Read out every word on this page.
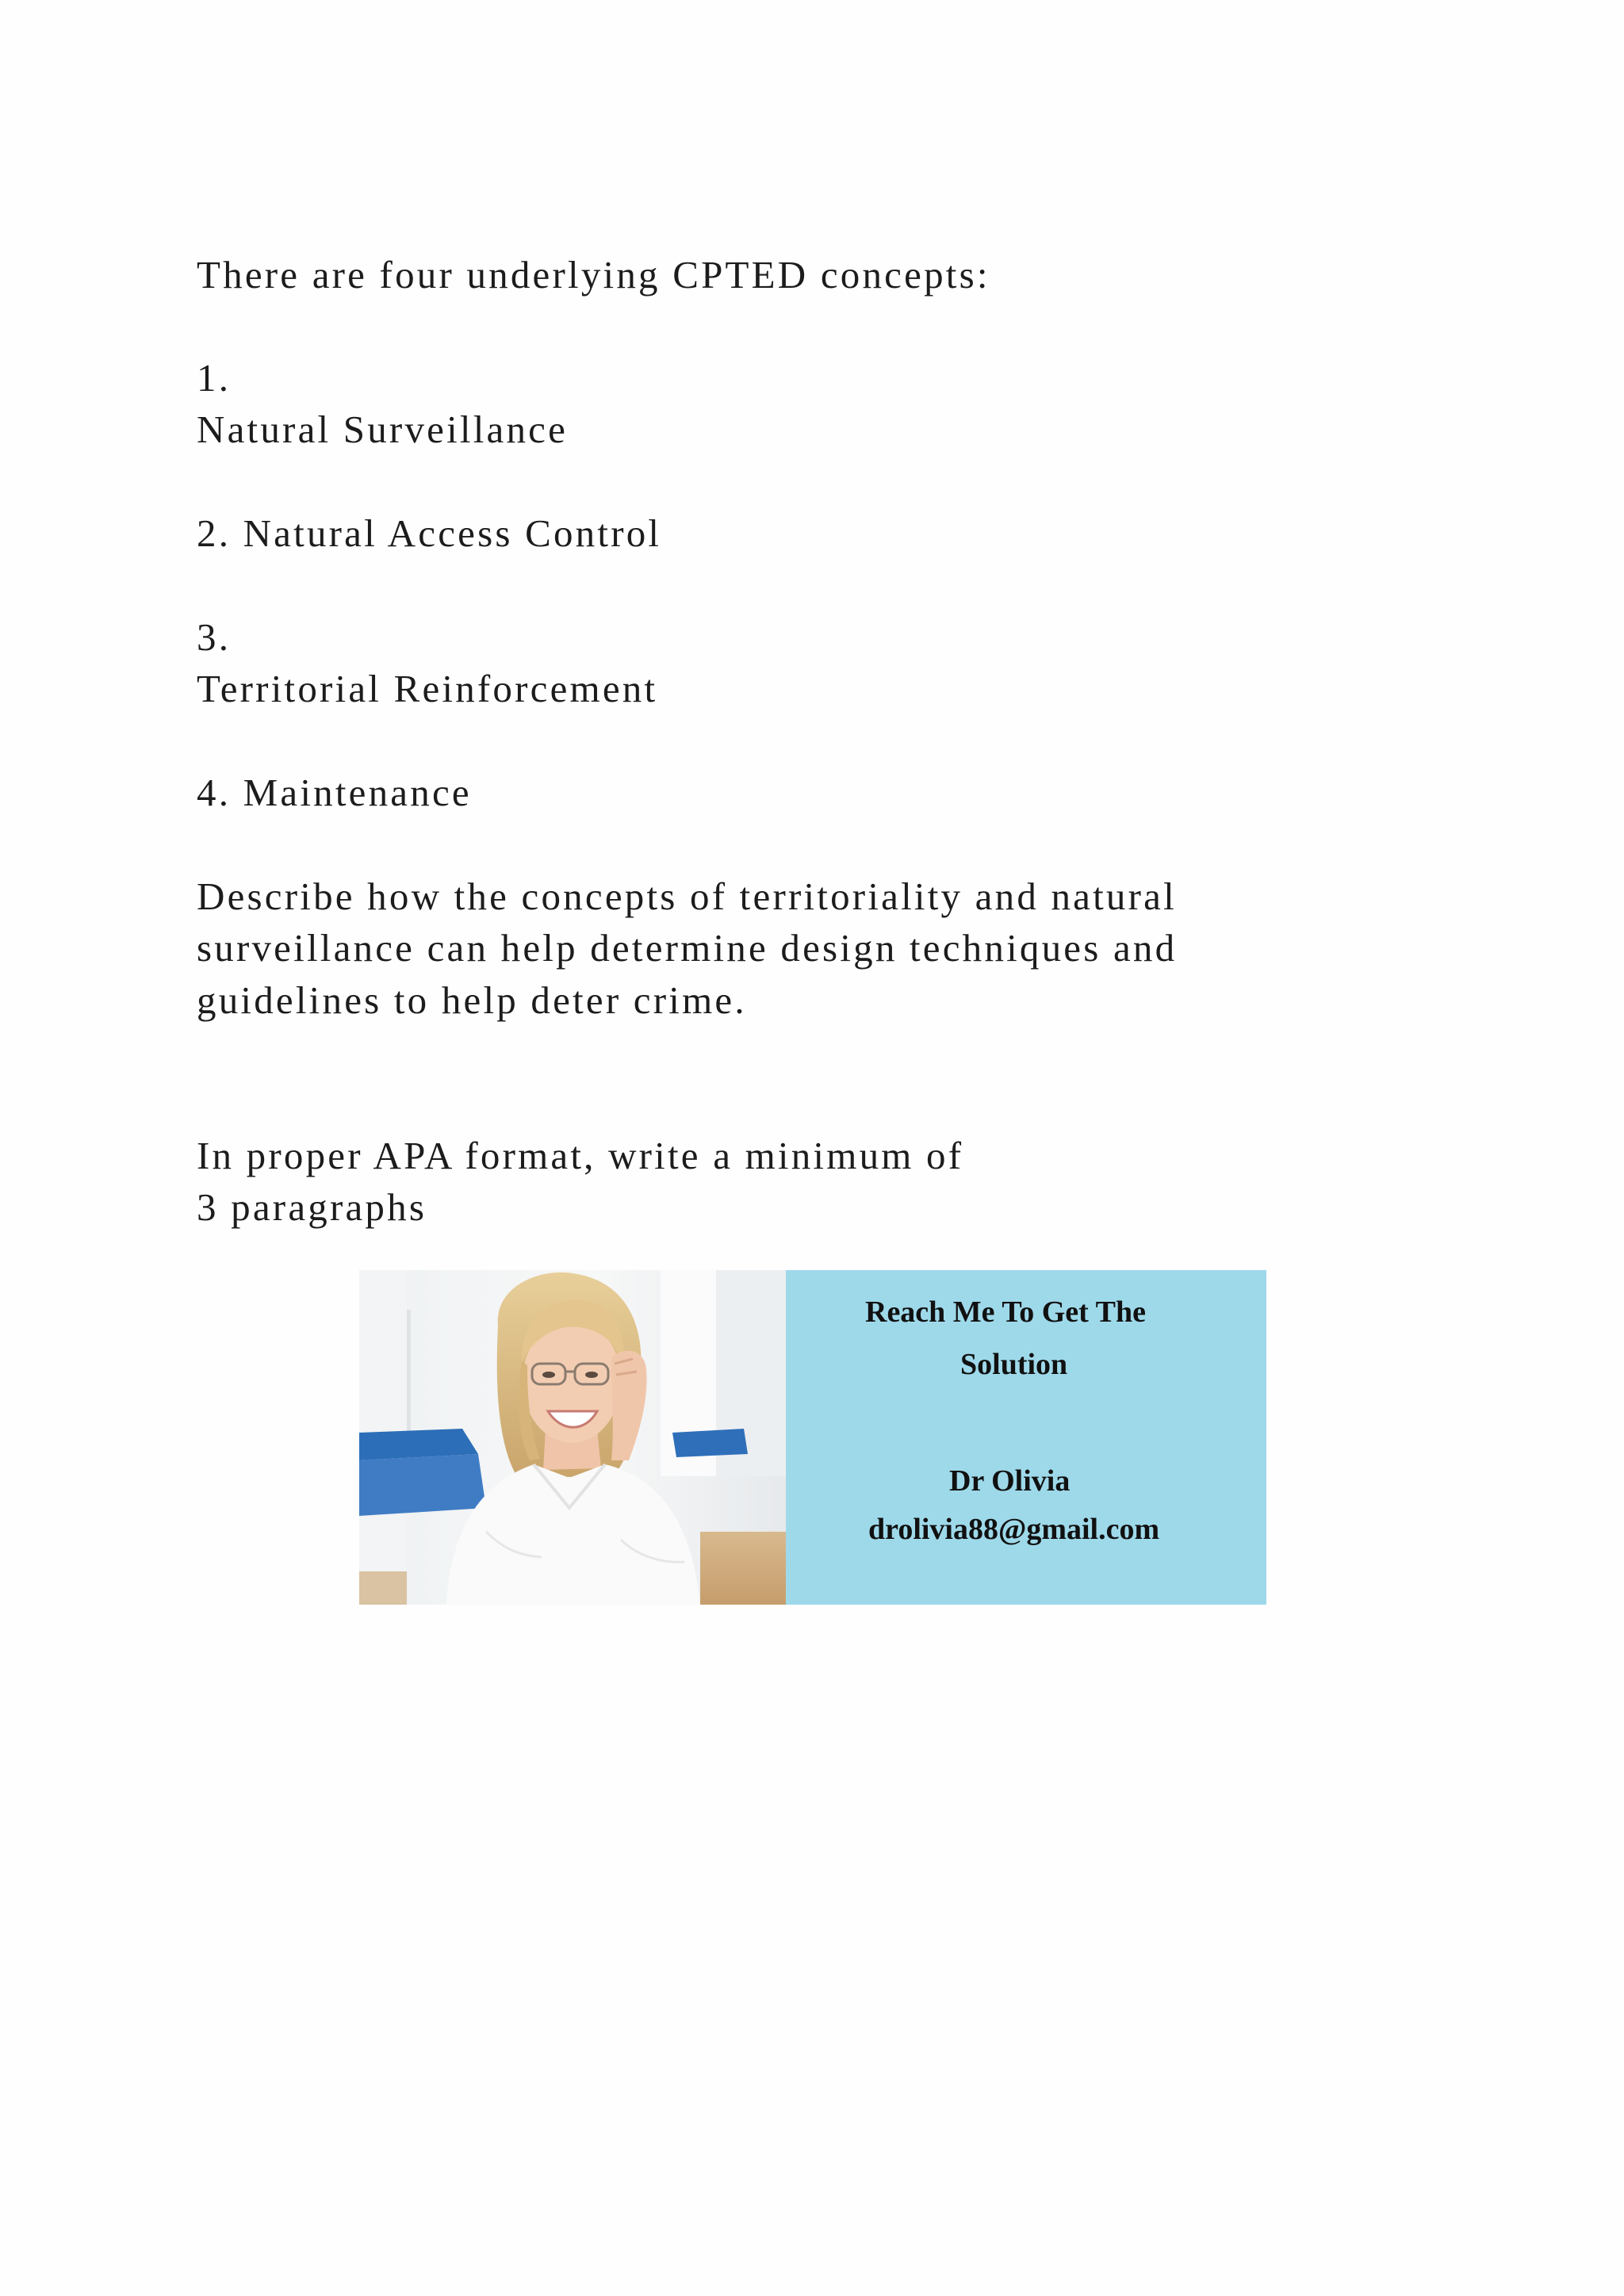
There are four underlying CPTED concepts:
1.
Natural Surveillance
2. Natural Access Control
3.
Territorial Reinforcement
4. Maintenance
Describe how the concepts of territoriality and natural
surveillance can help determine design techniques and
guidelines to help deter crime.
In proper APA format, write a minimum of
3 paragraphs
Reach Me To Get The
Solution
Dr Olivia
drolivia88@gmail.com
